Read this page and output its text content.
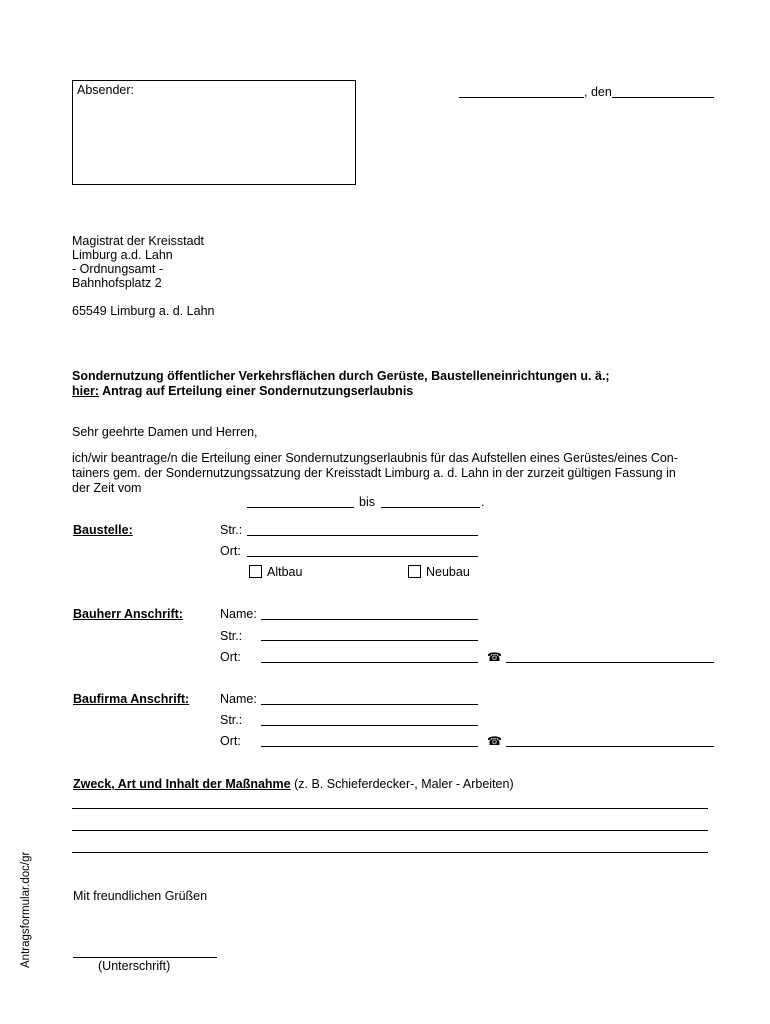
Absender:	, den
Magistrat der Kreisstadt
Limburg a.d. Lahn
- Ordnungsamt -
Bahnhofsplatz 2
65549 Limburg a. d. Lahn
Sondernutzung öffentlicher Verkehrsflächen durch Gerüste, Baustelleneinrichtungen u. ä.;
hier: Antrag auf Erteilung einer Sondernutzungserlaubnis
Sehr geehrte Damen und Herren,
ich/wir beantrage/n die Erteilung einer Sondernutzungserlaubnis für das Aufstellen eines Gerüstes/eines Con-
tainers gem. der Sondernutzungssatzung der Kreisstadt Limburg a. d. Lahn in der zurzeit gültigen Fassung in
der Zeit vom
bis	.
Baustelle:	Str.:
Ort:
Altbau	Neubau
Bauherr Anschrift:	Name:
Str.:
Ort:	☎
Baufirma Anschrift: Name:
Str.:
Ort:	☎
Zweck, Art und Inhalt der Maßnahme (z. B. Schieferdecker-, Maler - Arbeiten)
Mit freundlichen Grüßen
(Unterschrift)
Antragsformular.doc/gr
